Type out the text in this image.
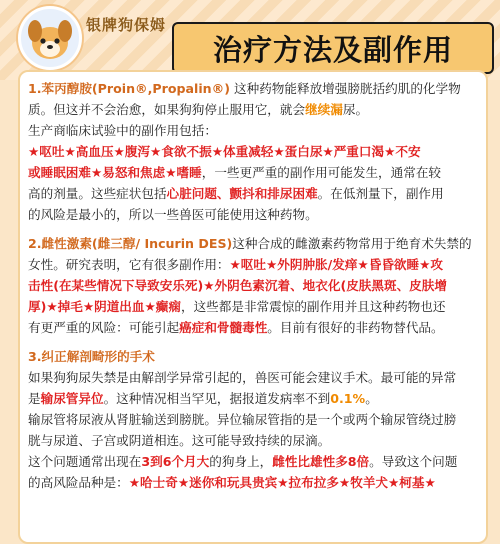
银牌狗保姆
治疗方法及副作用
1.苯丙醇胺(Proin®,Propalin®) 这种药物能释放增强膀胱括约肌的化学物
质。但这并不会治愈，如果狗狗停止服用它，就会继续漏尿。
生产商临床试验中的副作用包括：
★呕吐★高血压★腹泻★食欲不振★体重减轻★蛋白尿★严重口渴★不安
或睡眠困难★易怒和焦虑★嗜睡，一些更严重的副作用可能发生，通常在较
高的剂量。这些症状包括心脏问题、颤抖和排尿困难。在低剂量下，副作用
的风险是最小的，所以一些兽医可能使用这种药物。
2.雌性激素(雌三醇/ Incurin DES)这种合成的雌激素药物常用于绝育术失禁的
女性。研究表明，它有很多副作用：★呕吐★外阴肿胀/发痒★昏昏欲睡★攻
击性(在某些情况下导致安乐死)★外阴色素沉着、地衣化(皮肤黑斑、皮肤增
厚)★掉毛★阴道出血★癫痫，这些都是非常震惊的副作用并且这种药物也还
有更严重的风险：可能引起癌症和骨髓毒性。目前有很好的非药物替代品。
3.纠正解剖畸形的手术
如果狗狗尿失禁是由解剖学异常引起的，兽医可能会建议手术。最可能的异常
是输尿管异位。这种情况相当罕见，据报道发病率不到0.1%。
输尿管将尿液从肾脏输送到膀胱。异位输尿管指的是一个或两个输尿管绕过膀
胱与尿道、子宫或阴道相连。这可能导致持续的尿滴。
这个问题通常出现在3到6个月大的狗身上，雌性比雄性多8倍。导致这个问题
的高风险品种是：★哈士奇★迷你和玩具贵宾★拉布拉多★牧羊犬★柯基★
